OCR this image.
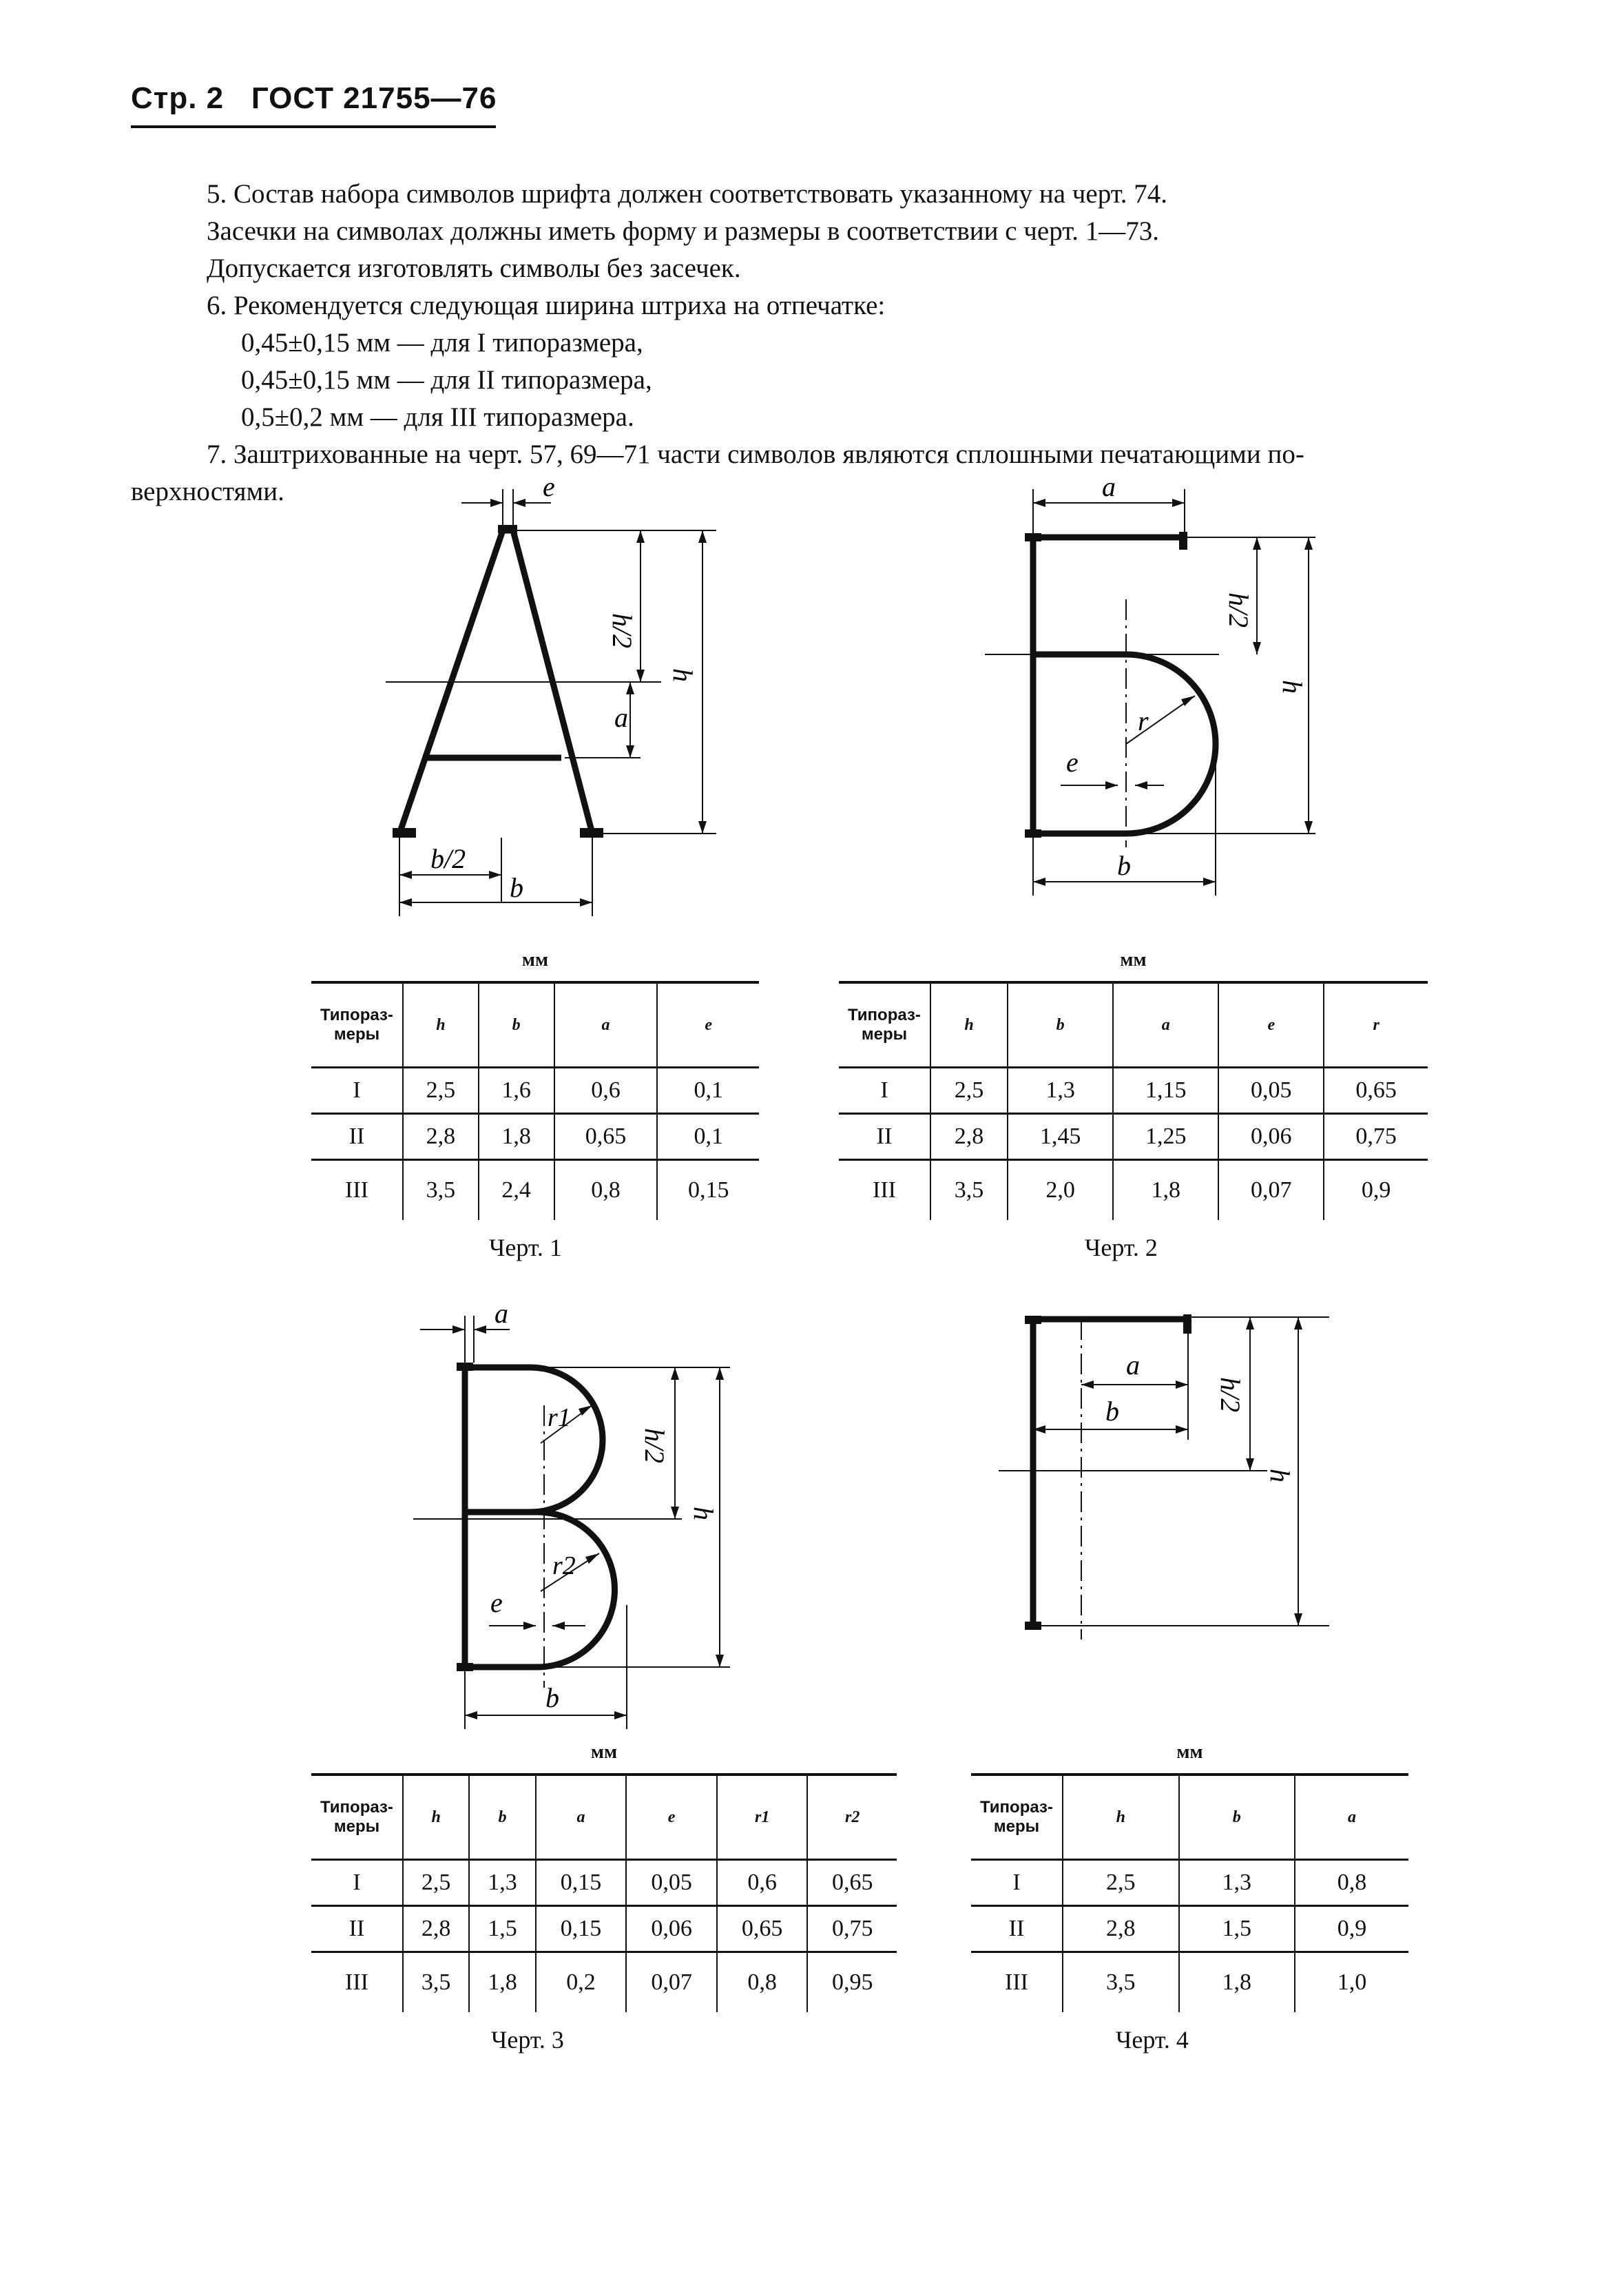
Стр. 2 ГОСТ 21755—76

5. Состав набора символов шрифта должен соответствовать указанному на черт. 74.

Засечки на символах должны иметь форму и размеры в соответствии с черт. 1—73.

Допускается изготовлять символы без засечек.

6. Рекомендуется следующая ширина штриха на отпечатке:

0,45±0,15 мм — для I типоразмера,

0,45±0,15 мм — для II типоразмера,

0,5±0,2 мм — для III типоразмера.

7. Заштрихованные на черт. 57, 69—71 части символов являются сплошными печатающими по-

верхностями.	e
h/2
h
a
b/2
b
a
h/2
h
r
e
b
мм
Типораз-
меры	h	b	a	e
I	2,5	1,6	0,6	0,1
II	2,8	1,8	0,65	0,1
III	3,5	2,4	0,8	0,15
Черт. 1
мм
Типораз-
меры	h	b	a	e	r
I	2,5	1,3	1,15	0,05	0,65
II	2,8	1,45	1,25	0,06	0,75
III	3,5	2,0	1,8	0,07	0,9
Черт. 2
a
r1
r2
h/2
h
e
b
a
b	h/2
h
мм
Типораз-
меры	h	b	a	e	r1	r2
I	2,5	1,3	0,15	0,05	0,6	0,65
II	2,8	1,5	0,15	0,06	0,65	0,75
III	3,5	1,8	0,2	0,07	0,8	0,95
Черт. 3
мм
Типораз-
меры	h	b	a
I	2,5	1,3	0,8
II	2,8	1,5	0,9
III	3,5	1,8	1,0
Черт. 4
